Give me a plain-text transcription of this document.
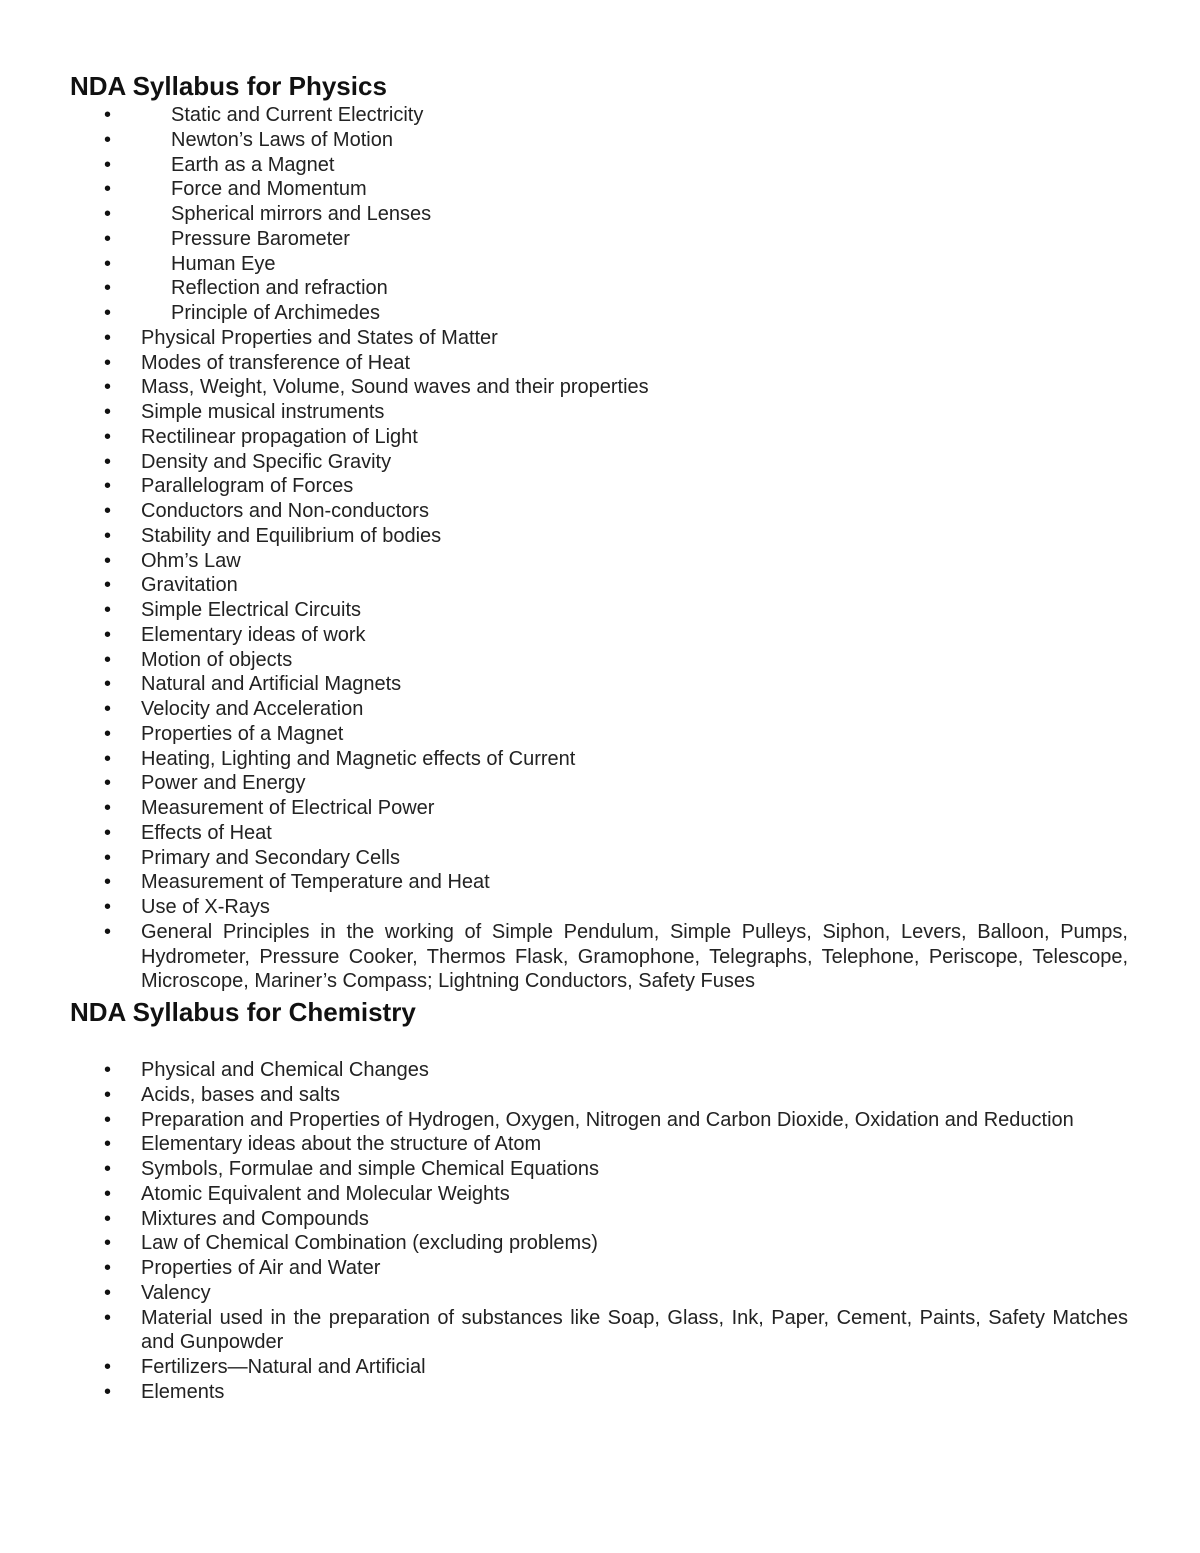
NDA Syllabus for Physics
•	Static and Current Electricity
•	Newton’s Laws of Motion
•	Earth as a Magnet
•	Force and Momentum
•	Spherical mirrors and Lenses
•	Pressure Barometer
•	Human Eye
•	Reflection and refraction
•	Principle of Archimedes
• Physical Properties and States of Matter
• Modes of transference of Heat
• Mass, Weight, Volume, Sound waves and their properties
• Simple musical instruments
• Rectilinear propagation of Light
• Density and Specific Gravity
• Parallelogram of Forces
• Conductors and Non-conductors
• Stability and Equilibrium of bodies
• Ohm’s Law
• Gravitation
• Simple Electrical Circuits
• Elementary ideas of work
• Motion of objects
• Natural and Artificial Magnets
• Velocity and Acceleration
• Properties of a Magnet
• Heating, Lighting and Magnetic effects of Current
• Power and Energy
• Measurement of Electrical Power
• Effects of Heat
• Primary and Secondary Cells
• Measurement of Temperature and Heat
• Use of X-Rays
• General Principles in the working of Simple Pendulum, Simple Pulleys, Siphon, Levers, Balloon, Pumps, Hydrometer, Pressure Cooker, Thermos Flask, Gramophone, Telegraphs, Telephone, Periscope, Telescope, Microscope, Mariner’s Compass; Lightning Conductors, Safety Fuses
NDA Syllabus for Chemistry
• Physical and Chemical Changes
• Acids, bases and salts
• Preparation and Properties of Hydrogen, Oxygen, Nitrogen and Carbon Dioxide, Oxidation and Reduction
• Elementary ideas about the structure of Atom
• Symbols, Formulae and simple Chemical Equations
• Atomic Equivalent and Molecular Weights
• Mixtures and Compounds
• Law of Chemical Combination (excluding problems)
• Properties of Air and Water
• Valency
• Material used in the preparation of substances like Soap, Glass, Ink, Paper, Cement, Paints, Safety Matches and Gunpowder
• Fertilizers—Natural and Artificial
• Elements
